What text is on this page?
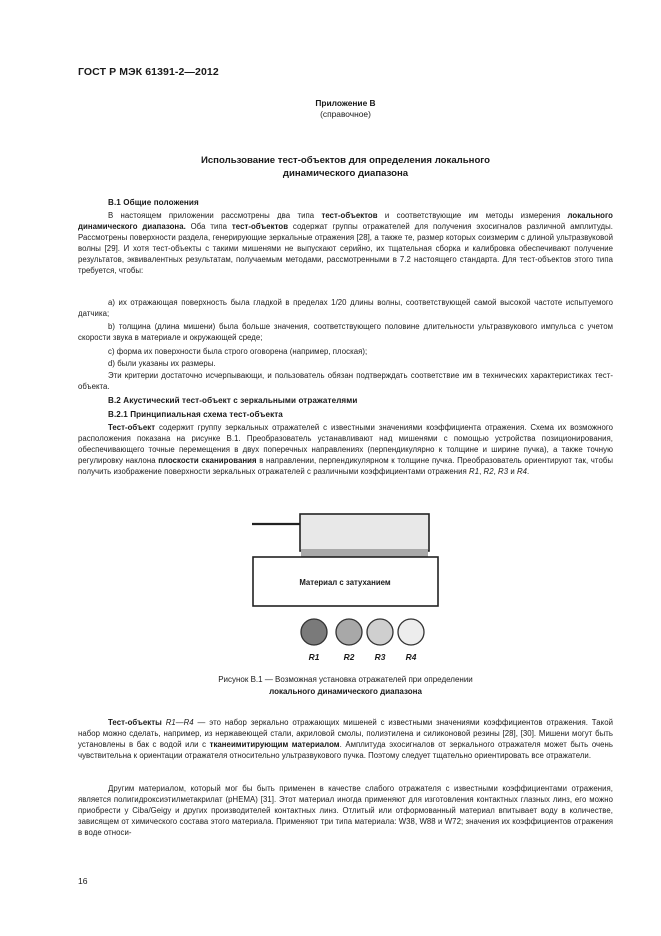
ГОСТ Р МЭК 61391-2—2012
Приложение В
(справочное)
Использование тест-объектов для определения локального
динамического диапазона
В.1 Общие положения

В настоящем приложении рассмотрены два типа тест-объектов и соответствующие им методы измерения локального динамического диапазона. Оба типа тест-объектов содержат группы отражателей для получения эхосигналов различной амплитуды. Рассмотрены поверхности раздела, генерирующие зеркальные отражения [28], а также те, размер которых соизмерим с длиной ультразвуковой волны [29]. И хотя тест-объекты с такими мишенями не выпускают серийно, их тщательная сборка и калибровка обеспечивают получение результатов, эквивалентных результатам, получаемым методами, рассмотренными в 7.2 настоящего стандарта. Для тест-объектов этого типа требуется, чтобы:

a) их отражающая поверхность была гладкой в пределах 1/20 длины волны, соответствующей самой высокой частоте испытуемого датчика;

b) толщина (длина мишени) была больше значения, соответствующего половине длительности ультразвукового импульса с учетом скорости звука в материале и окружающей среде;

c) форма их поверхности была строго оговорена (например, плоская);

d) были указаны их размеры.

Эти критерии достаточно исчерпывающи, и пользователь обязан подтверждать соответствие им в технических характеристиках тест-объекта.

В.2 Акустический тест-объект с зеркальными отражателями
В.2.1 Принципиальная схема тест-объекта

Тест-объект содержит группу зеркальных отражателей с известными значениями коэффициента отражения. Схема их возможного расположения показана на рисунке В.1. Преобразователь устанавливают над мишенями с помощью устройства позиционирования, обеспечивающего точные перемещения в двух поперечных направлениях (перпендикулярно к толщине и ширине пучка), а также точную регулировку наклона плоскости сканирования в направлении, перпендикулярном к толщине пучка. Преобразователь ориентируют так, чтобы получить изображение поверхности зеркальных отражателей с различными коэффициентами отражения R1, R2, R3 и R4.

Материал с затуханием
R1	R2 R3 R4
Рисунок В.1 — Возможная установка отражателей при определении
локального динамического диапазона

Тест-объекты R1—R4 — это набор зеркально отражающих мишеней с известными значениями коэффициентов отражения. Такой набор можно сделать, например, из нержавеющей стали, акриловой смолы, полиэтилена и силиконовой резины [28], [30]. Мишени могут быть установлены в бак с водой или с тканеимитирующим материалом. Амплитуда эхосигналов от зеркального отражателя может быть очень чувствительна к ориентации отражателя относительно ультразвукового пучка. Поэтому следует тщательно ориентировать все отражатели.

Другим материалом, который мог бы быть применен в качестве слабого отражателя с известными коэффициентами отражения, является полигидроксиэтилметакрилат (pHEMA) [31]. Этот материал иногда применяют для изготовления контактных глазных линз, его можно приобрести у Ciba/Geigy и других производителей контактных линз. Отлитый или отформованный материал впитывает воду в количестве, зависящем от химического состава этого материала. Применяют три типа материала: W38, W88 и W72; значения их коэффициентов отражения в воде относи-

16
